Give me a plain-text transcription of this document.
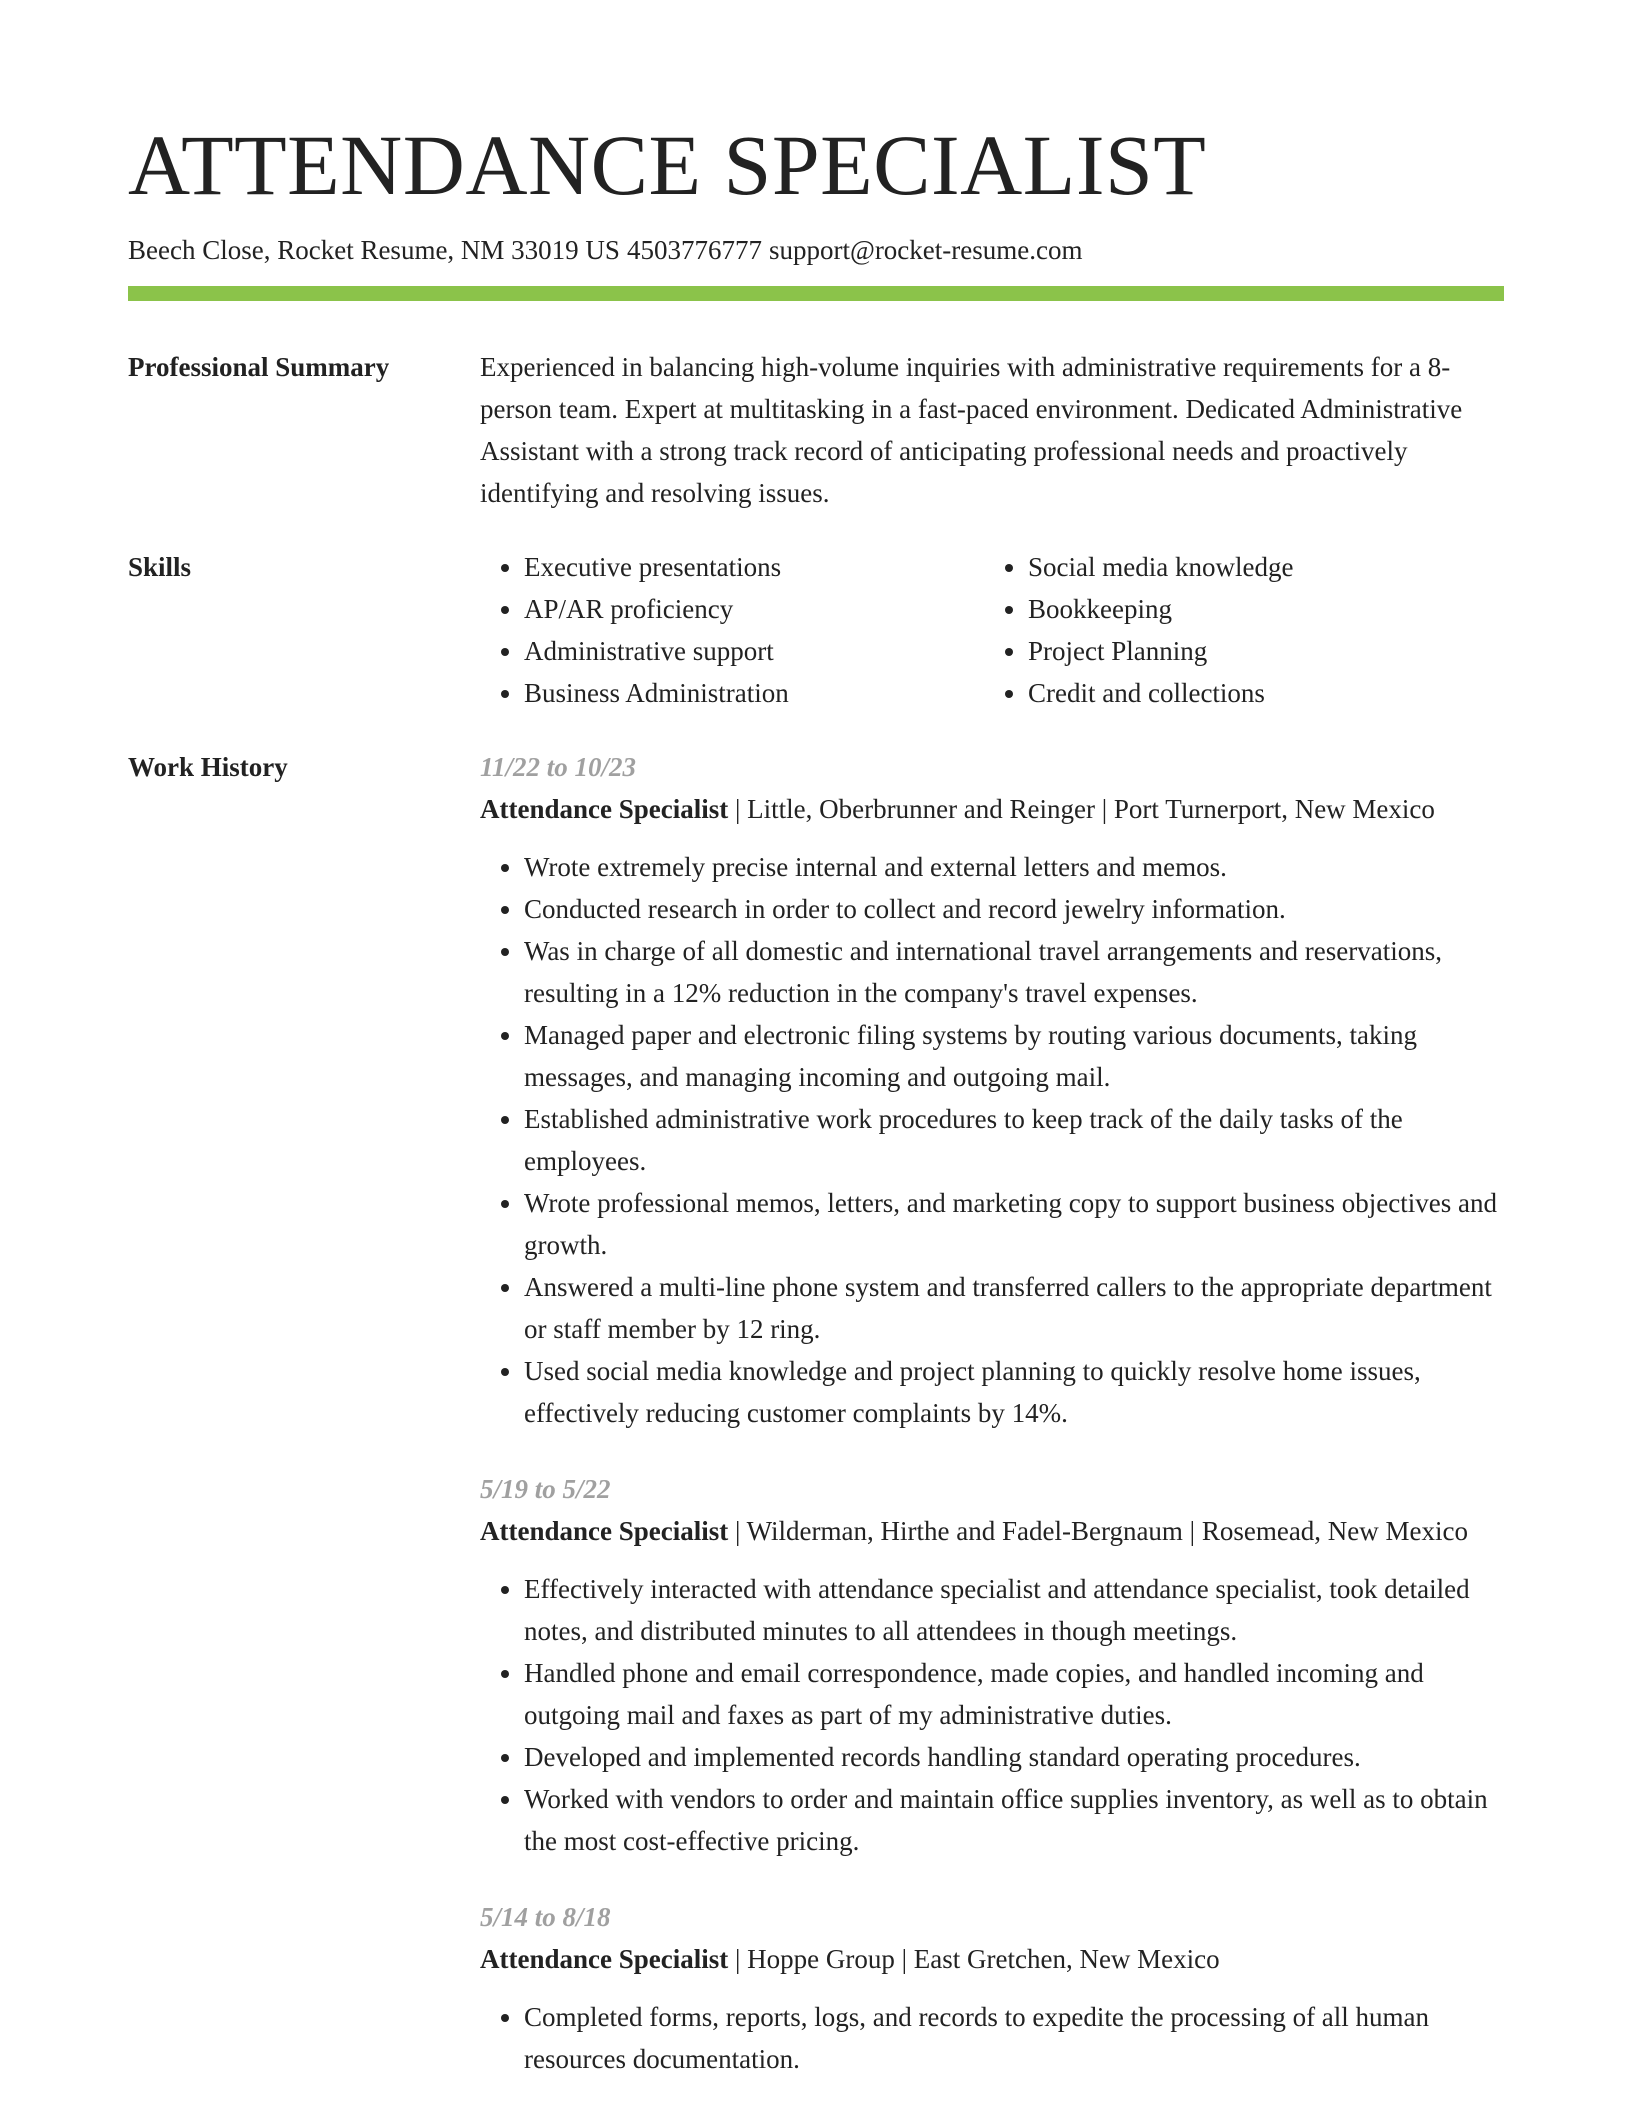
ATTENDANCE SPECIALIST
Beech Close, Rocket Resume, NM 33019 US 4503776777 support@rocket-resume.com
Professional Summary	Experienced in balancing high-volume inquiries with administrative requirements for a 8-person team. Expert at multitasking in a fast-paced environment. Dedicated Administrative Assistant with a strong track record of anticipating professional needs and proactively identifying and resolving issues.

Skills
•	Executive presentations
• AP/AR proficiency
• Administrative support
• Business Administration
• Social media knowledge
• Bookkeeping
• Project Planning
• Credit and collections
Work History	11/22 to 10/23
Attendance Specialist | Little, Oberbrunner and Reinger | Port Turnerport, New Mexico
• Wrote extremely precise internal and external letters and memos.
• Conducted research in order to collect and record jewelry information.
• Was in charge of all domestic and international travel arrangements and reservations, resulting in a 12% reduction in the company's travel expenses.
• Managed paper and electronic filing systems by routing various documents, taking messages, and managing incoming and outgoing mail.
• Established administrative work procedures to keep track of the daily tasks of the employees.
• Wrote professional memos, letters, and marketing copy to support business objectives and growth.
• Answered a multi-line phone system and transferred callers to the appropriate department or staff member by 12 ring.
• Used social media knowledge and project planning to quickly resolve home issues, effectively reducing customer complaints by 14%.
5/19 to 5/22
Attendance Specialist | Wilderman, Hirthe and Fadel-Bergnaum | Rosemead, New Mexico
• Effectively interacted with attendance specialist and attendance specialist, took detailed notes, and distributed minutes to all attendees in though meetings.
• Handled phone and email correspondence, made copies, and handled incoming and outgoing mail and faxes as part of my administrative duties.
• Developed and implemented records handling standard operating procedures.
• Worked with vendors to order and maintain office supplies inventory, as well as to obtain the most cost-effective pricing.
5/14 to 8/18
Attendance Specialist | Hoppe Group | East Gretchen, New Mexico
• Completed forms, reports, logs, and records to expedite the processing of all human resources documentation.
